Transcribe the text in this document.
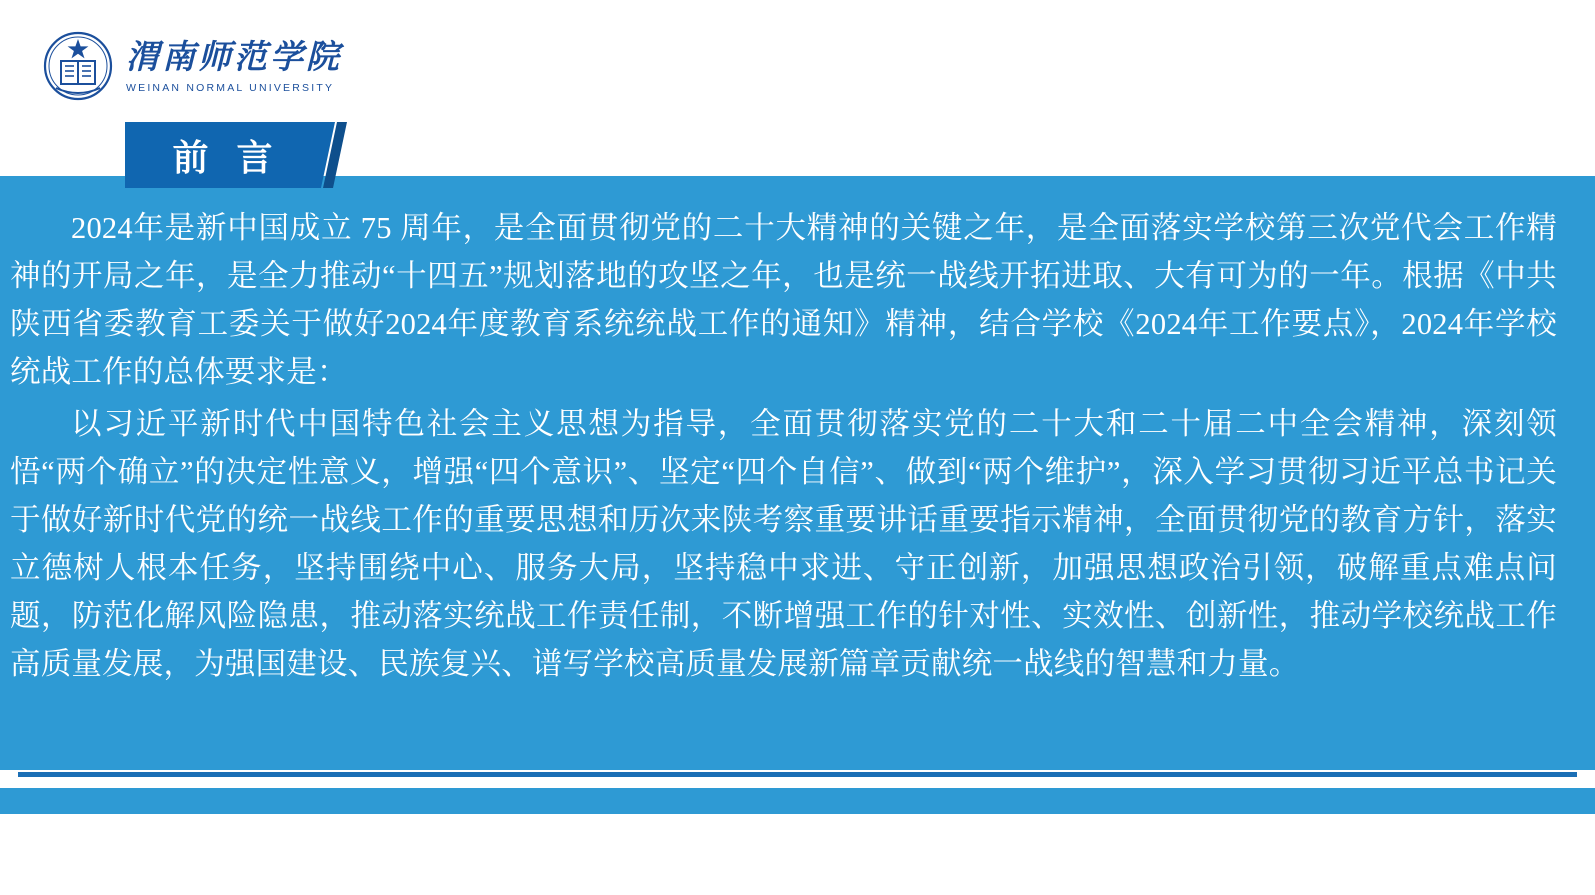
渭南师范学院
WEINAN NORMAL UNIVERSITY
前 言

2024年是新中国成立 75 周年，是全面贯彻党的二十大精神的关键之年，是全面落实学校第三次党代会工作精神的开局之年，是全力推动“十四五”规划落地的攻坚之年，也是统一战线开拓进取、大有可为的一年。根据《中共陕西省委教育工委关于做好2024年度教育系统统战工作的通知》精神，结合学校《2024年工作要点》，2024年学校统战工作的总体要求是：

以习近平新时代中国特色社会主义思想为指导，全面贯彻落实党的二十大和二十届二中全会精神，深刻领悟“两个确立”的决定性意义，增强“四个意识”、坚定“四个自信”、做到“两个维护”，深入学习贯彻习近平总书记关于做好新时代党的统一战线工作的重要思想和历次来陕考察重要讲话重要指示精神，全面贯彻党的教育方针，落实立德树人根本任务，坚持围绕中心、服务大局，坚持稳中求进、守正创新，加强思想政治引领，破解重点难点问题，防范化解风险隐患，推动落实统战工作责任制，不断增强工作的针对性、实效性、创新性，推动学校统战工作高质量发展，为强国建设、民族复兴、谱写学校高质量发展新篇章贡献统一战线的智慧和力量。
